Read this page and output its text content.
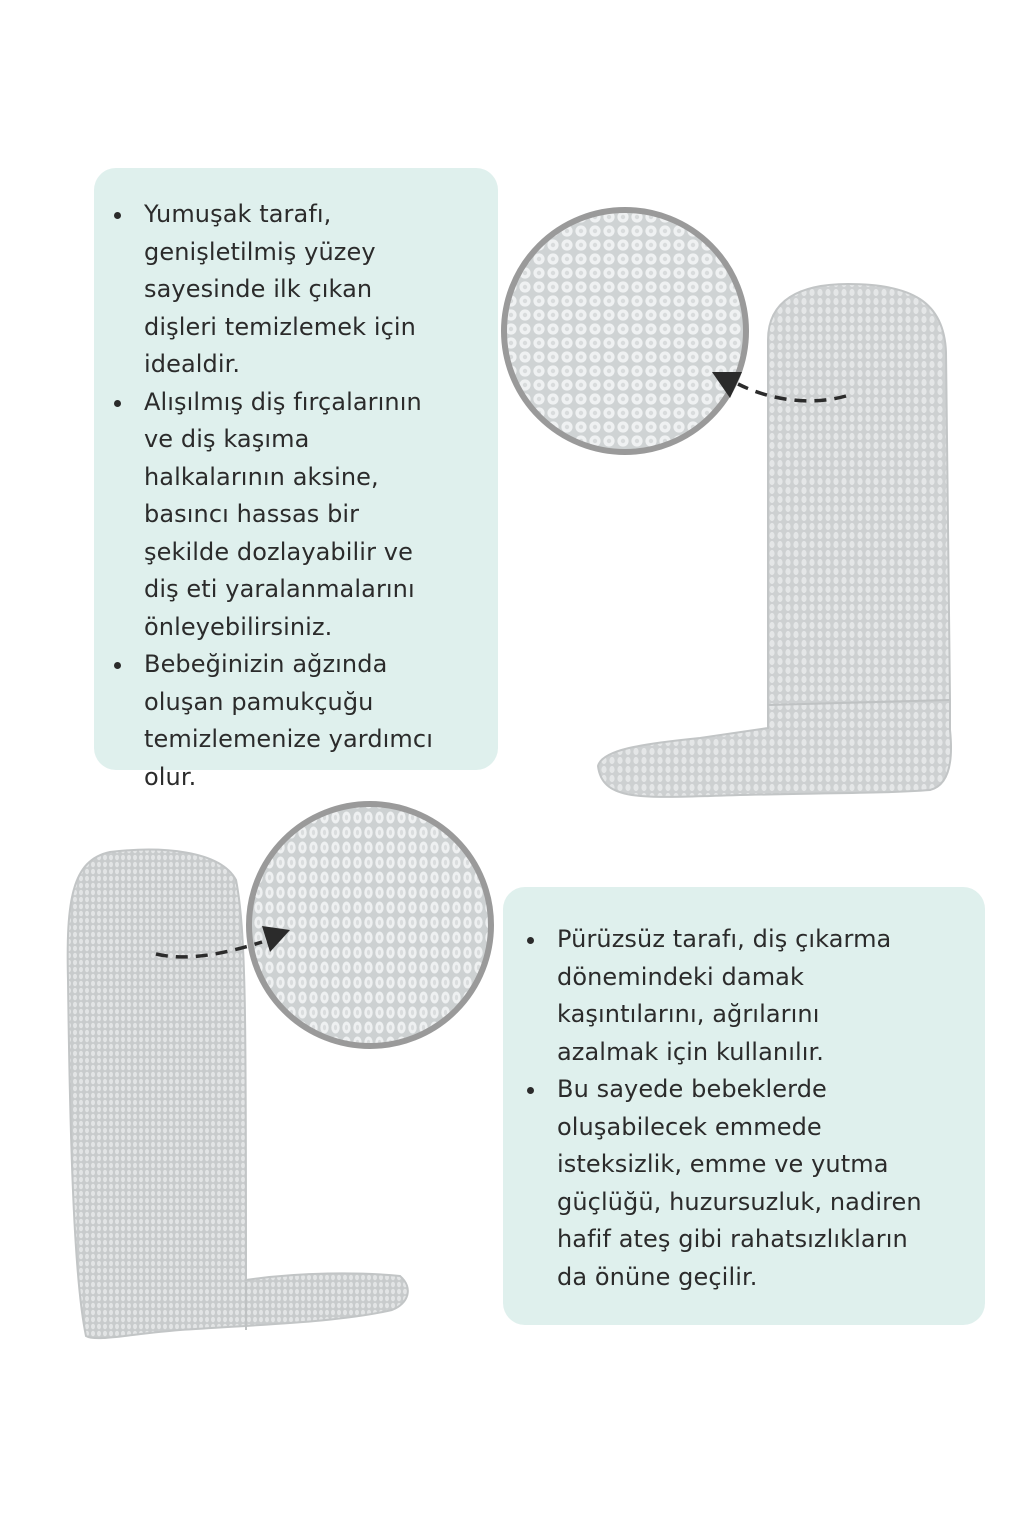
Yumuşak tarafı, genişletilmiş yüzey sayesinde ilk çıkan dişleri temizlemek için idealdir.
Alışılmış diş fırçalarının ve diş kaşıma halkalarının aksine, basıncı hassas bir şekilde dozlayabilir ve diş eti yaralanmalarını önleyebilirsiniz.
Bebeğinizin ağzında oluşan pamukçuğu temizlemenize yardımcı olur.
Pürüzsüz tarafı, diş çıkarma dönemindeki damak kaşıntılarını, ağrılarını azalmak için kullanılır.
Bu sayede bebeklerde oluşabilecek emmede isteksizlik, emme ve yutma güçlüğü, huzursuzluk, nadiren hafif ateş gibi rahatsızlıkların da önüne geçilir.
